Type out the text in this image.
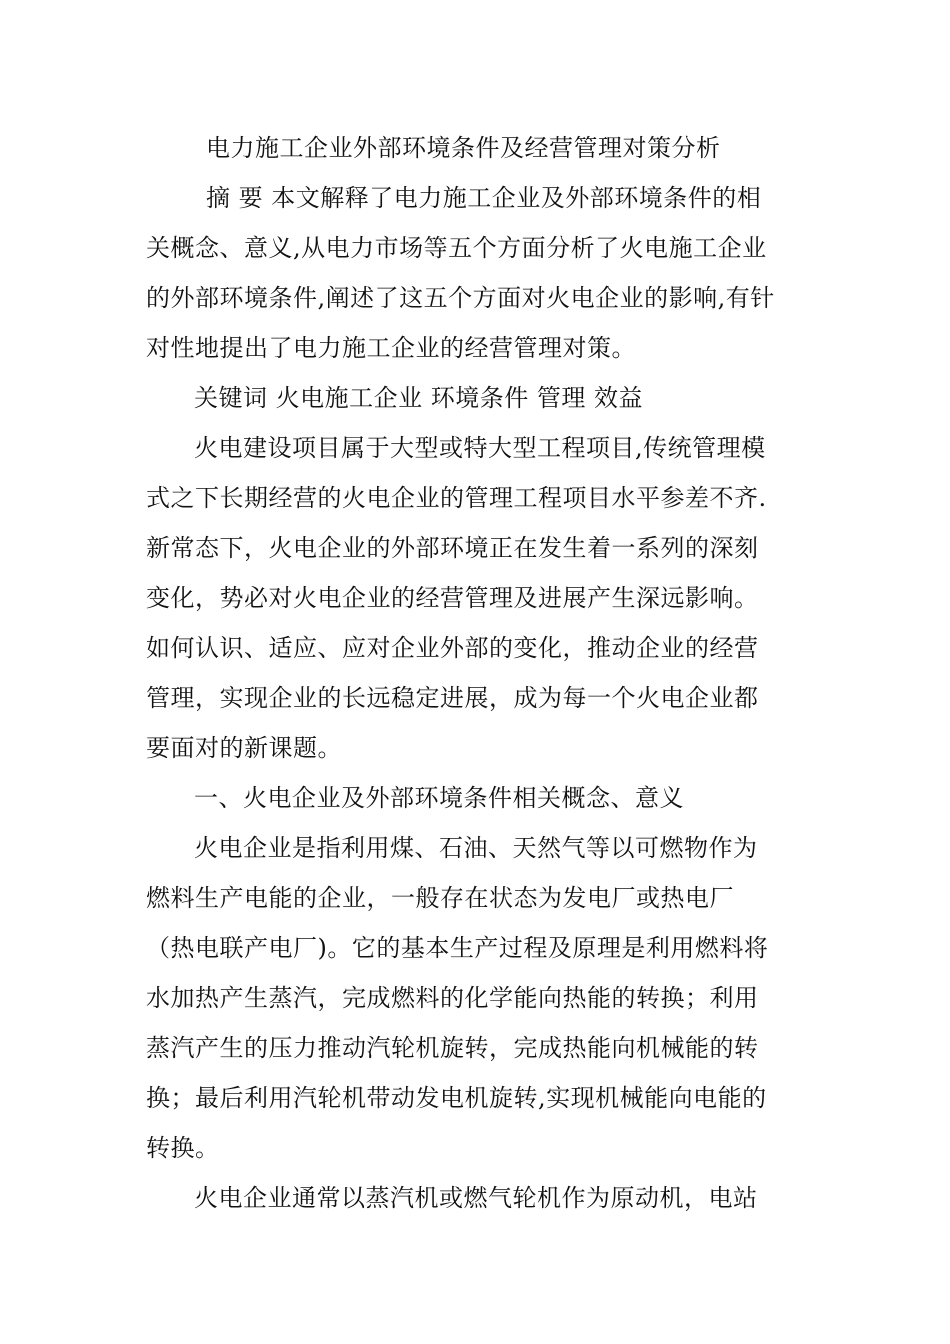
电力施工企业外部环境条件及经营管理对策分析
摘 要 本文解释了电力施工企业及外部环境条件的相
关概念、意义,从电力市场等五个方面分析了火电施工企业
的外部环境条件,阐述了这五个方面对火电企业的影响,有针
对性地提出了电力施工企业的经营管理对策。
关键词 火电施工企业 环境条件 管理 效益
火电建设项目属于大型或特大型工程项目,传统管理模
式之下长期经营的火电企业的管理工程项目水平参差不齐.
新常态下，火电企业的外部环境正在发生着一系列的深刻
变化，势必对火电企业的经营管理及进展产生深远影响。
如何认识、适应、应对企业外部的变化，推动企业的经营
管理，实现企业的长远稳定进展，成为每一个火电企业都
要面对的新课题。
一、火电企业及外部环境条件相关概念、意义
火电企业是指利用煤、石油、天然气等以可燃物作为
燃料生产电能的企业，一般存在状态为发电厂或热电厂
（热电联产电厂)。它的基本生产过程及原理是利用燃料将
水加热产生蒸汽，完成燃料的化学能向热能的转换；利用
蒸汽产生的压力推动汽轮机旋转，完成热能向机械能的转
换；最后利用汽轮机带动发电机旋转,实现机械能向电能的
转换。
火电企业通常以蒸汽机或燃气轮机作为原动机，电站
